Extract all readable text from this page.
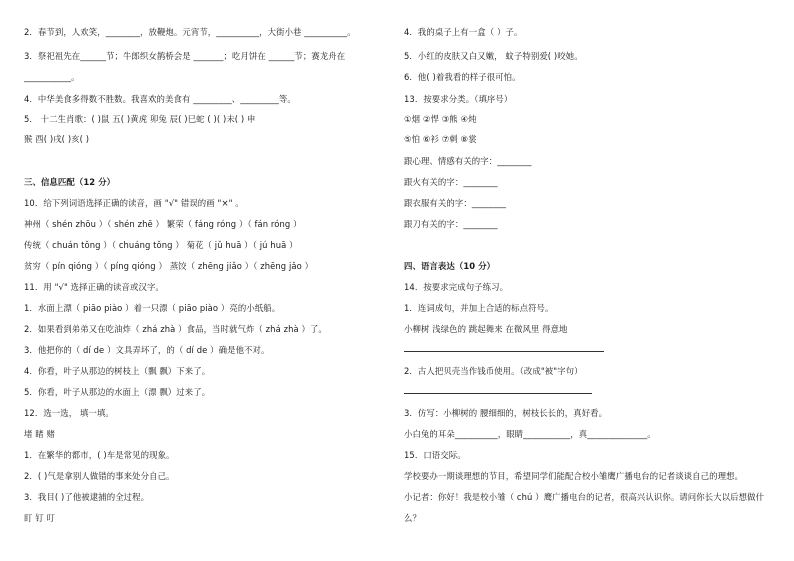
2．春节到，人欢笑，________，放鞭炮。元宵节，__________，大街小巷 __________。
3．祭祀祖先在______节；牛郎织女鹊桥会是 _______；吃月饼在 ______节；赛龙舟在
___________。
4．中华美食多得数不胜数。我喜欢的美食有 _________、_________等。
5． 十二生肖歌：( )鼠 五( )黄虎 卯兔 辰( )巳蛇 ( )( )未( ) 申
猴 酉( )戌( )亥( )
三、信息匹配（12 分）
10．给下列词语选择正确的读音，画 "√" 错误的画 "×" 。
神州（ shén zhōu ）（ shén zhē ） 繁荣（ fáng róng ）（ fán róng ）
传统（ chuán tǒng ）（ chuáng tǒng ） 菊花（ jǔ huā ）（ jú huā ）
贫穷（ pín qióng ）（ píng qióng ） 蒸饺（ zhēng jiǎo ）（ zhēng jǎo ）
11．用 "√" 选择正确的读音或汉字。
1．水面上漂（ piāo piào ）着一只漂（ piāo piào ）亮的小纸船。
2．如果看到弟弟又在吃油炸（ zhá zhà ）食品，当时就气炸（ zhá zhà ）了。
3．他把你的（ dí de ）文具弄坏了，的（ dí de ）确是他不对。
4．你看，叶子从那边的树枝上（飘 飘）下来了。
5．你看，叶子从那边的水面上（漂 飘）过来了。
12．选一选， 填一填。
堵 睹 赌
1．在繁华的都市，( )车是常见的现象。
2．( )气是拿别人做错的事来处分自己。
3．我目( )了他被逮捕的全过程。
盯 钉 叮
4．我的桌子上有一盒（ ）子。
5．小红的皮肤又白又嫩， 蚊子特别爱( )咬她。
6．他( )着我看的样子很可怕。
13．按要求分类。（填序号）
①烟 ②悍 ③熊 ④炖
⑤怕 ⑥衫 ⑦刺 ⑧裳
跟心理、情感有关的字：________
跟火有关的字：________
跟衣服有关的字：________
跟刀有关的字：________
四、语言表达（10 分）
14．按要求完成句子练习。
1．连词成句，并加上合适的标点符号。
小柳树 浅绿色的 跳起舞来 在微风里 得意地
2．古人把贝壳当作钱币使用。（改成"被"字句）
3．仿写：小柳树的 腰细细的，树枝长长的，真好看。
小白兔的耳朵__________，眼睛___________，真______________。
15．口语交际。
学校要办一期谈理想的节目，希望同学们能配合校小雏鹰广播电台的记者谈谈自己的理想。
小记者：你好！我是校小雏（ chú ）鹰广播电台的记者，很高兴认识你。请问你长大以后想做什
么？
